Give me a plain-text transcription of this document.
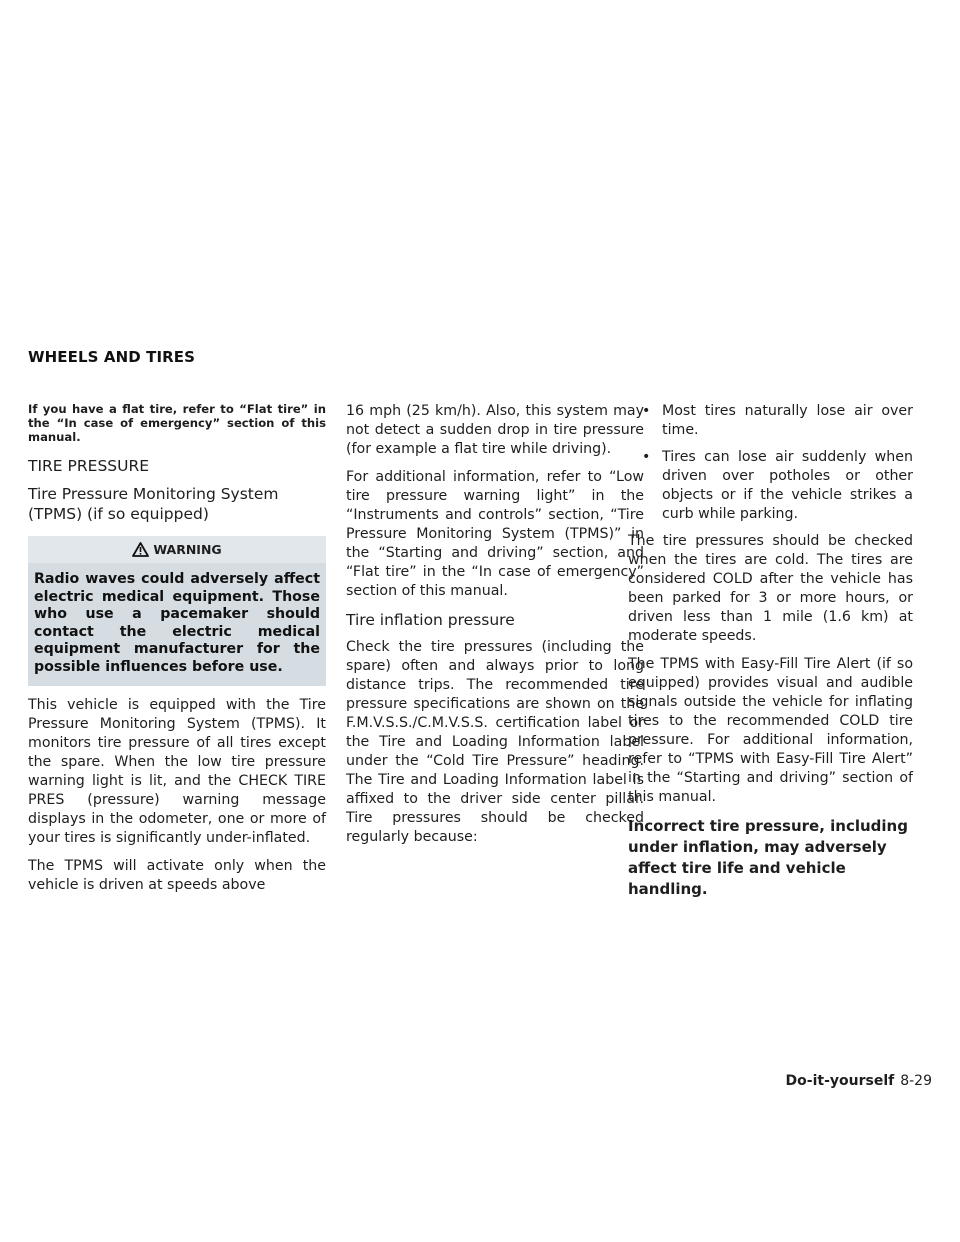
WHEELS AND TIRES

If you have a flat tire, refer to “Flat tire” in the “In case of emergency” section of this manual.

TIRE PRESSURE
Tire Pressure Monitoring System (TPMS) (if so equipped)
WARNING
Radio waves could adversely affect electric medical equipment. Those who use a pacemaker should contact the electric medical equipment manufacturer for the possible influences before use.

This vehicle is equipped with the Tire Pressure Monitoring System (TPMS). It monitors tire pressure of all tires except the spare. When the low tire pressure warning light is lit, and the CHECK TIRE PRES (pressure) warning message displays in the odometer, one or more of your tires is significantly under-inflated.

The TPMS will activate only when the vehicle is driven at speeds above

16 mph (25 km/h). Also, this system may not detect a sudden drop in tire pressure (for example a flat tire while driving).

For additional information, refer to “Low tire pressure warning light” in the “Instruments and controls” section, “Tire Pressure Monitoring System (TPMS)” in the “Starting and driving” section, and “Flat tire” in the “In case of emergency” section of this manual.

Tire inflation pressure

Check the tire pressures (including the spare) often and always prior to long distance trips. The recommended tire pressure specifications are shown on the F.M.V.S.S./C.M.V.S.S. certification label or the Tire and Loading Information label under the “Cold Tire Pressure” heading. The Tire and Loading Information label is affixed to the driver side center pillar. Tire pressures should be checked regularly because:

• Most tires naturally lose air over time.
• Tires can lose air suddenly when driven over potholes or other objects or if the vehicle strikes a curb while parking.

The tire pressures should be checked when the tires are cold. The tires are considered COLD after the vehicle has been parked for 3 or more hours, or driven less than 1 mile (1.6 km) at moderate speeds.

The TPMS with Easy-Fill Tire Alert (if so equipped) provides visual and audible signals outside the vehicle for inflating tires to the recommended COLD tire pressure. For additional information, refer to “TPMS with Easy-Fill Tire Alert” in the “Starting and driving” section of this manual.

Incorrect tire pressure, including under inflation, may adversely affect tire life and vehicle handling.

Do-it-yourself 8-29
